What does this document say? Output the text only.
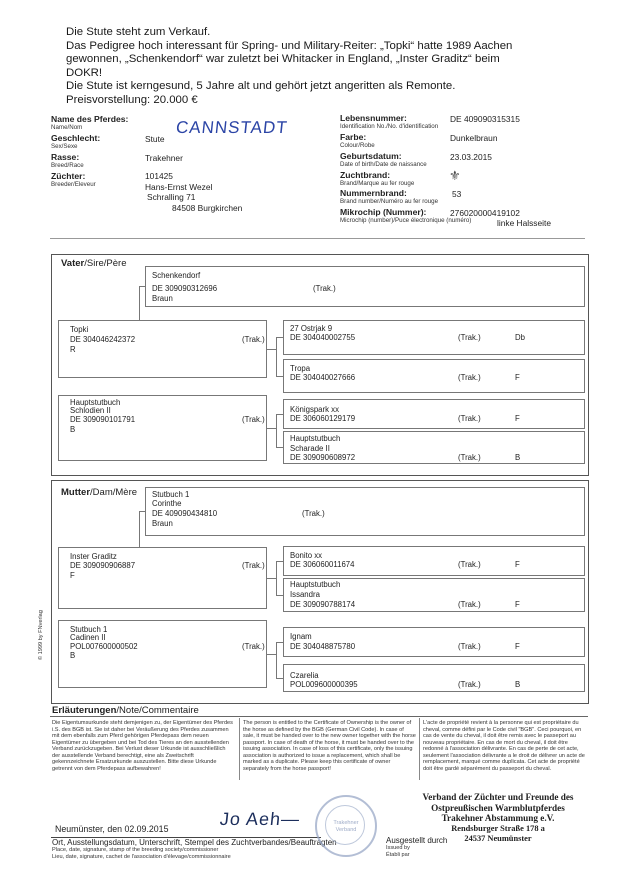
Die Stute steht zum Verkauf.
Das Pedigree hoch interessant für Spring- und Military-Reiter: „Topki“ hatte 1989 Aachen
gewonnen, „Schenkendorf“ war zuletzt bei Whitacker in England, „Inster Graditz“ beim
DOKR!
Die Stute ist kerngesund, 5 Jahre alt und gehört jetzt angeritten als Remonte.
Preisvorstellung: 20.000 €
Name des Pferdes:
Name/Nom	CANNSTADT
Geschlecht:
Sex/Sexe
Stute
Rasse:
Breed/Race
Trakehner
Züchter:
Breeder/Eleveur
101425
Hans-Ernst Wezel
Schralling 71
84508 Burgkirchen
Lebensnummer:
Identification No./No. d'identification
DE 409090315315
Farbe:
Colour/Robe
Dunkelbraun
Geburtsdatum:
Date of birth/Date de naissance
23.03.2015
Zuchtbrand:
Brand/Marque au fer rouge
⚜
Nummernbrand:
Brand number/Numéro au fer rouge
53
Mikrochip (Nummer):
Microchip (number)/Puce électronique (numéro)
276020000419102
linke Halsseite
Vater/Sire/Père
Schenkendorf
DE 309090312696
Braun
(Trak.)
Topki
DE 304046242372
R
(Trak.)
Hauptstutbuch
Schlodien II
DE 309090101791
B
(Trak.)
27 Ostrjak 9
DE 304040002755	(Trak.)	Db
Tropa
DE 304040027666	(Trak.)	F
Königspark xx
DE 306060129179	(Trak.)	F
Hauptstutbuch
Scharade II
DE 309090608972	(Trak.)	B
Mutter/Dam/Mère Stutbuch 1
Corinthe
DE 409090434810
Braun
(Trak.)
Inster Graditz
DE 309090906887
F
(Trak.)
Stutbuch 1
Cadinen II
POL007600000502
B
(Trak.)
Bonito xx
DE 306060011674	(Trak.)	F
Hauptstutbuch
Issandra
DE 309090788174	(Trak.)	F
Ignam
DE 304048875780	(Trak.)	F
Czarelia
POL009600000395	(Trak.)	B
© 1999 by FNverlag
Erläuterungen/Note/Commentaire
Die Eigentumsurkunde steht demjenigen zu, der Eigentümer des Pferdes i.S. des BGB ist. Sie ist daher bei Veräußerung des Pferdes zusammen mit dem ebenfalls zum Pferd gehörigen Pferdepass dem neuen Eigentümer zu übergeben und bei Tod des Tieres an den ausstellenden Verband zurückzugeben. Bei Verlust dieser Urkunde ist ausschließlich der ausstellende Verband berechtigt, eine als Zweitschrift gekennzeichnete Ersatzurkunde auszustellen. Bitte diese Urkunde getrennt von dem Pferdepass aufbewahren!
The person is entitled to the Certificate of Ownership is the owner of the horse as defined by the BGB (German Civil Code). In case of sale, it must be handed over to the new owner together with the horse passport. In case of death of the horse, it must be handed over to the issuing association. In case of loss of this certificate, only the issuing association is authorized to issue a replacement, which shall be marked as a duplicate. Please keep this certificate of owner separately from the horse passport!
L'acte de propriété revient à la personne qui est propriétaire du cheval, comme défini par le Code civil "BGB". Ceci pourquoi, en cas de vente du cheval, il doit être remis avec le passeport au nouveau propriétaire. En cas de mort du cheval, il doit être redonné à l'association délivrante. En cas de perte de cet acte, seulement l'association délivrante a le droit de délivrer un acte de remplacement, marqué comme duplicata. Cet acte de propriété doit être gardé séparément du passeport du cheval.
Neumünster, den 02.09.2015	Jo Aeh—
Ort, Ausstellungsdatum, Unterschrift, Stempel des Zuchtverbandes/Beauftragten
Place, date, signature, stamp of the breeding society/commissioner
Lieu, date, signature, cachet de l'association d'élevage/commissionnaire
Trakehner Verband
Ausgestellt durch
Issued by
Établi par
Verband der Züchter und Freunde des
Ostpreußischen Warmblutpferdes
Trakehner Abstammung e.V.
Rendsburger Straße 178 a
24537 Neumünster
